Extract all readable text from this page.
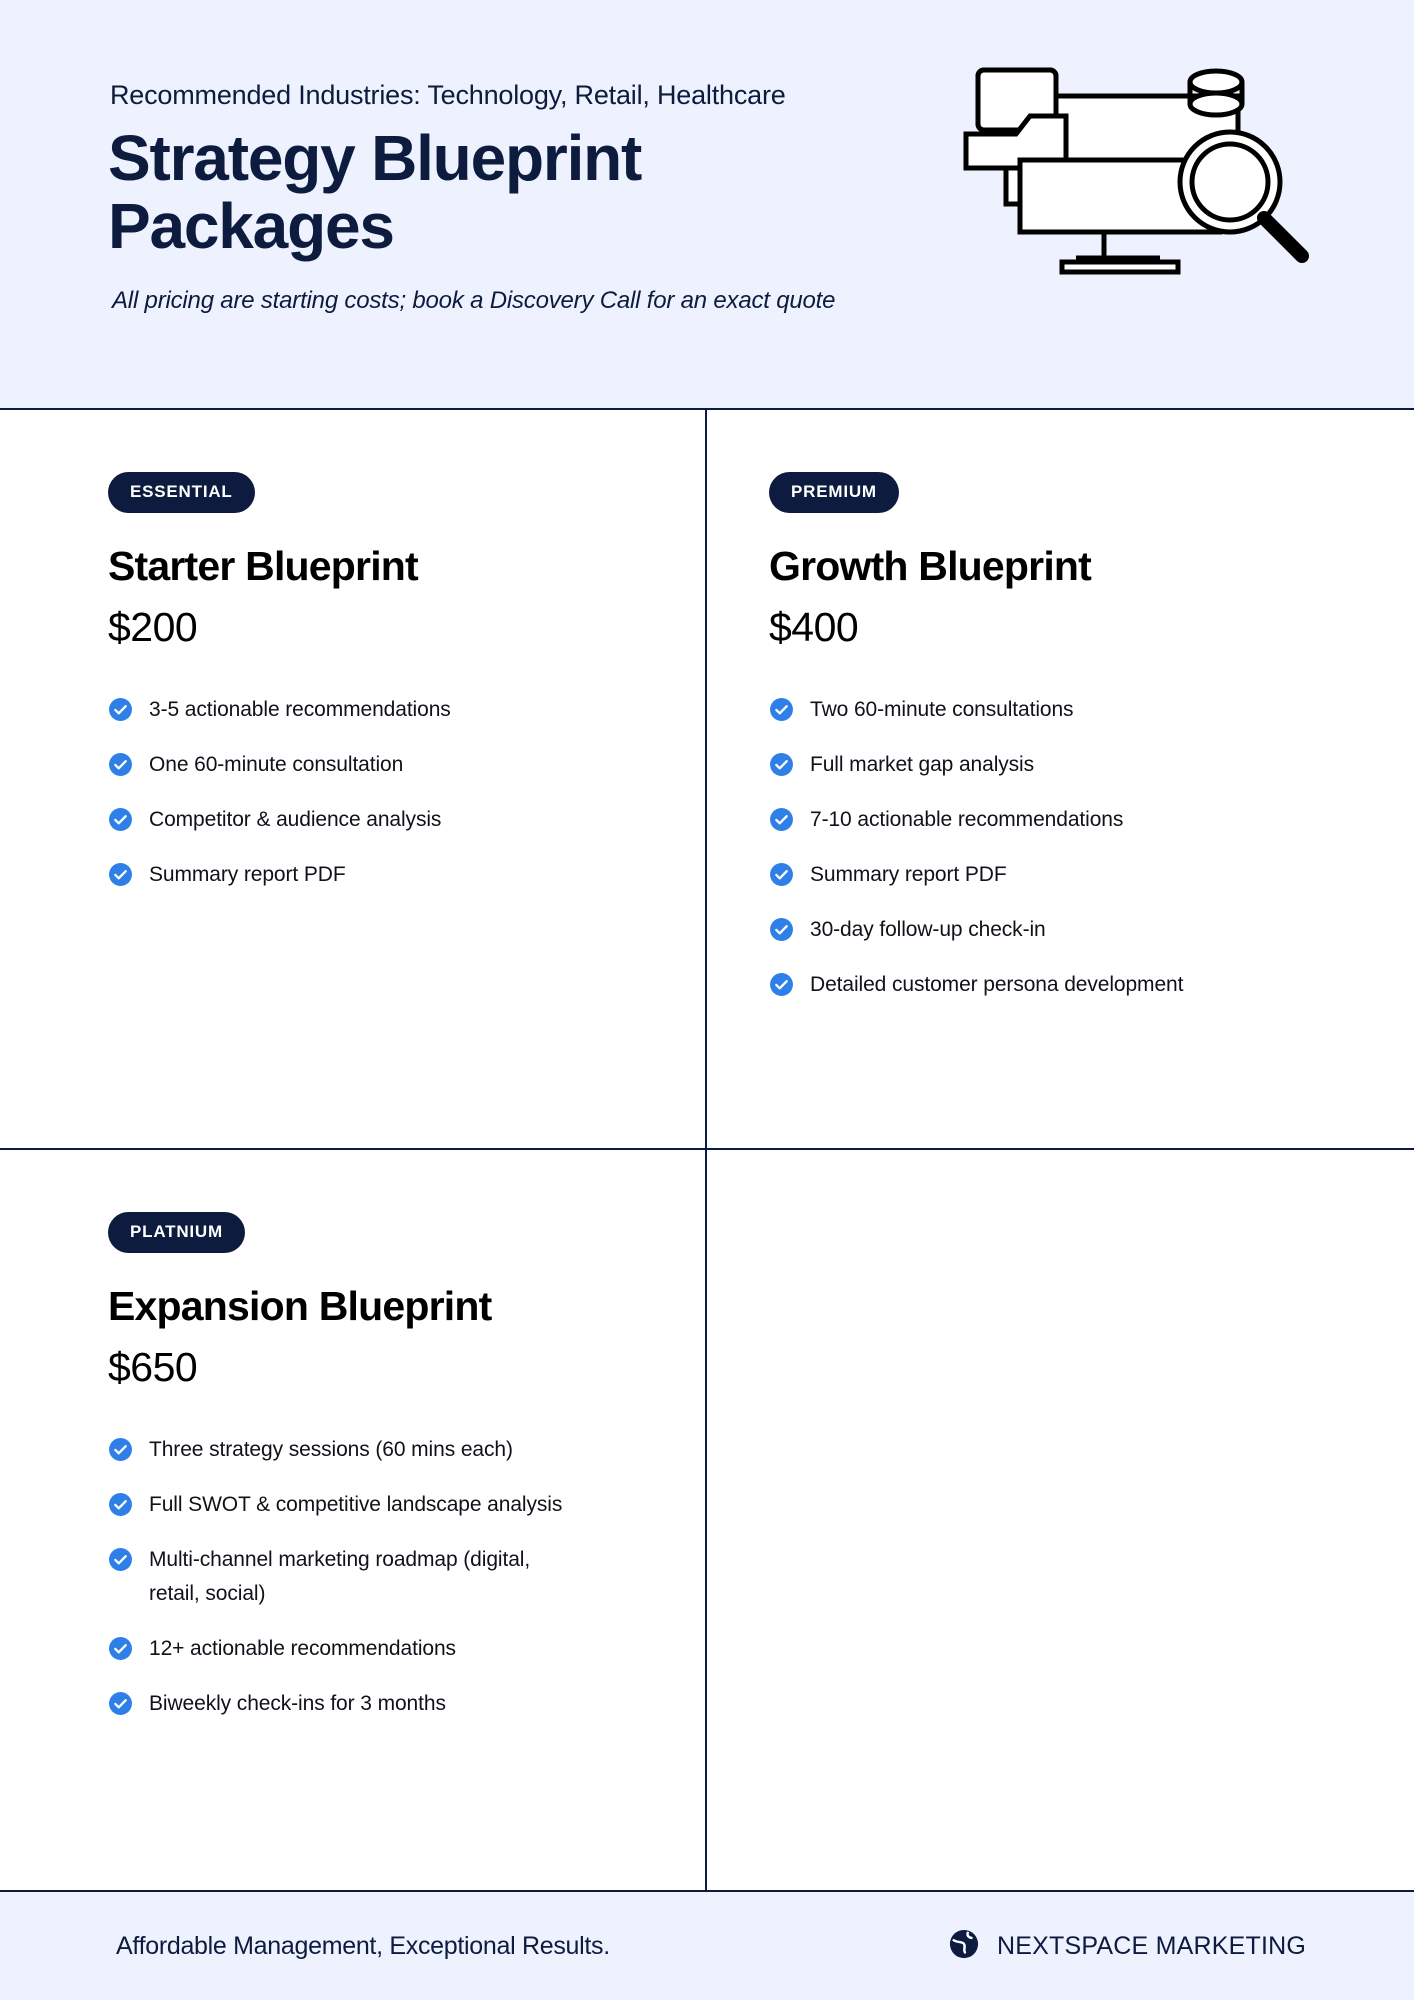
Recommended Industries: Technology, Retail, Healthcare
Strategy Blueprint
Packages
All pricing are starting costs; book a Discovery Call for an exact quote
ESSENTIAL
Starter Blueprint
$200
3-5 actionable recommendations
One 60-minute consultation
Competitor & audience analysis
Summary report PDF
PREMIUM
Growth Blueprint
$400
Two 60-minute consultations
Full market gap analysis
7-10 actionable recommendations
Summary report PDF
30-day follow-up check-in
Detailed customer persona development
PLATNIUM
Expansion Blueprint
$650
Three strategy sessions (60 mins each)
Full SWOT & competitive landscape analysis
Multi-channel marketing roadmap (digital, retail, social)
12+ actionable recommendations
Biweekly check-ins for 3 months
Affordable Management, Exceptional Results.	NEXTSPACE MARKETING
